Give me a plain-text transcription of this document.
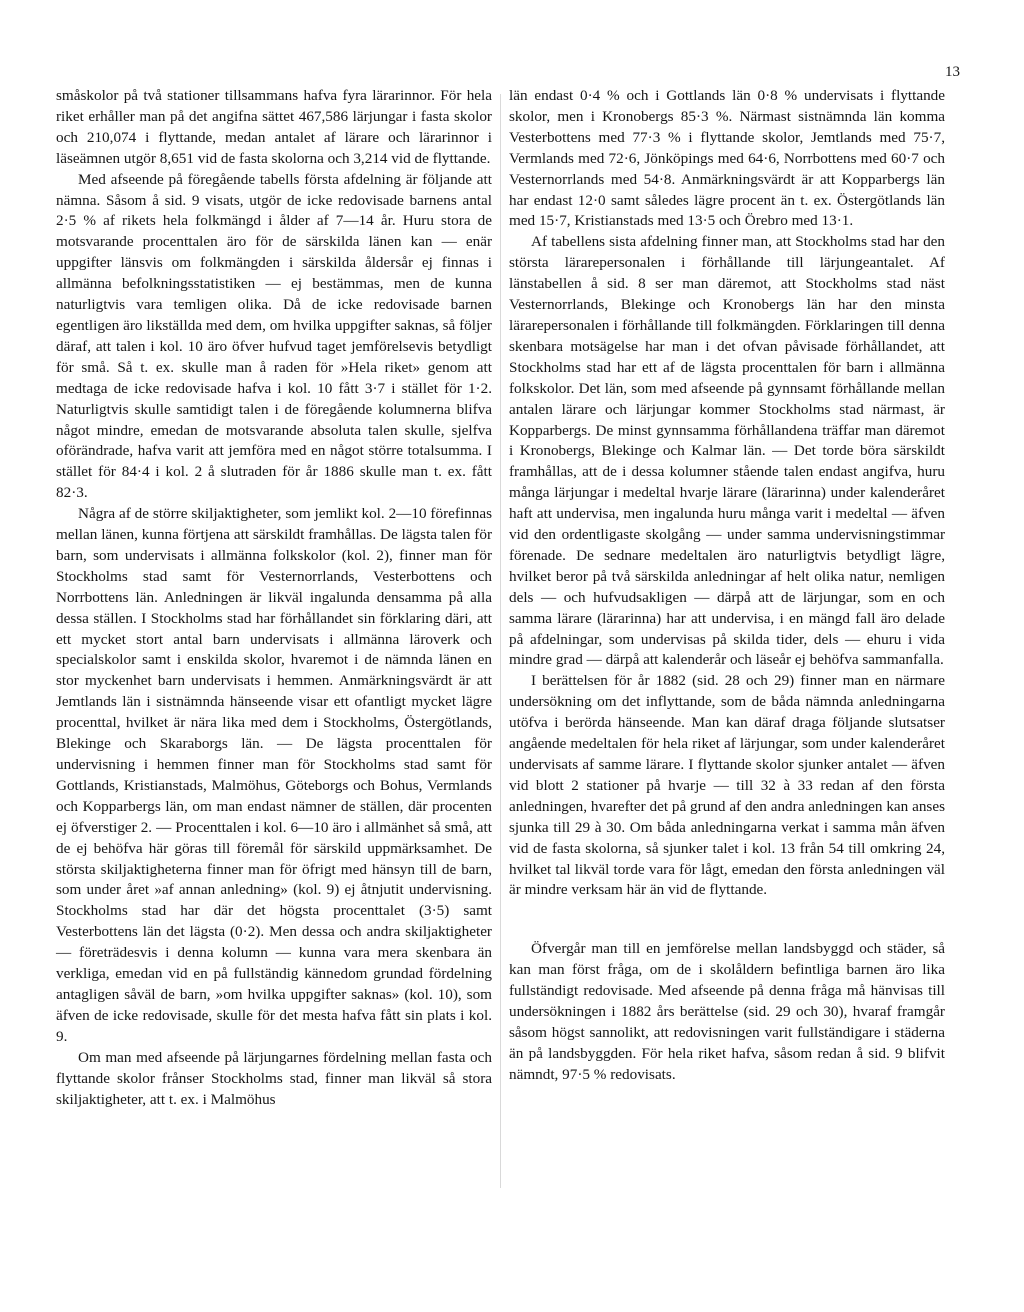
13

småskolor på två stationer tillsammans hafva fyra lärarinnor. För hela riket erhåller man på det angifna sättet 467,586 lärjungar i fasta skolor och 210,074 i flyttande, medan antalet af lärare och lärarinnor i läseämnen utgör 8,651 vid de fasta skolorna och 3,214 vid de flyttande.

Med afseende på föregående tabells första afdelning är följande att nämna. Såsom å sid. 9 visats, utgör de icke redovisade barnens antal 2·5 % af rikets hela folkmängd i ålder af 7—14 år. Huru stora de motsvarande procenttalen äro för de särskilda länen kan — enär uppgifter länsvis om folkmängden i särskilda åldersår ej finnas i allmänna befolkningsstatistiken — ej bestämmas, men de kunna naturligtvis vara temligen olika. Då de icke redovisade barnen egentligen äro likställda med dem, om hvilka uppgifter saknas, så följer däraf, att talen i kol. 10 äro öfver hufvud taget jemförelsevis betydligt för små. Så t. ex. skulle man å raden för »Hela riket» genom att medtaga de icke redovisade hafva i kol. 10 fått 3·7 i stället för 1·2. Naturligtvis skulle samtidigt talen i de föregående kolumnerna blifva något mindre, emedan de motsvarande absoluta talen skulle, sjelfva oförändrade, hafva varit att jemföra med en något större totalsumma. I stället för 84·4 i kol. 2 å slutraden för år 1886 skulle man t. ex. fått 82·3.

Några af de större skiljaktigheter, som jemlikt kol. 2—10 förefinnas mellan länen, kunna förtjena att särskildt framhållas. De lägsta talen för barn, som undervisats i allmänna folkskolor (kol. 2), finner man för Stockholms stad samt för Vesternorrlands, Vesterbottens och Norrbottens län. Anledningen är likväl ingalunda densamma på alla dessa ställen. I Stockholms stad har förhållandet sin förklaring däri, att ett mycket stort antal barn undervisats i allmänna läroverk och specialskolor samt i enskilda skolor, hvaremot i de nämnda länen en stor myckenhet barn undervisats i hemmen. Anmärkningsvärdt är att Jemtlands län i sistnämnda hänseende visar ett ofantligt mycket lägre procenttal, hvilket är nära lika med dem i Stockholms, Östergötlands, Blekinge och Skaraborgs län. — De lägsta procenttalen för undervisning i hemmen finner man för Stockholms stad samt för Gottlands, Kristianstads, Malmöhus, Göteborgs och Bohus, Vermlands och Kopparbergs län, om man endast nämner de ställen, där procenten ej öfverstiger 2. — Procenttalen i kol. 6—10 äro i allmänhet så små, att de ej behöfva här göras till föremål för särskild uppmärksamhet. De största skiljaktigheterna finner man för öfrigt med hänsyn till de barn, som under året »af annan anledning» (kol. 9) ej åtnjutit undervisning. Stockholms stad har där det högsta procenttalet (3·5) samt Vesterbottens län det lägsta (0·2). Men dessa och andra skiljaktigheter — företrädesvis i denna kolumn — kunna vara mera skenbara än verkliga, emedan vid en på fullständig kännedom grundad fördelning antagligen såväl de barn, »om hvilka uppgifter saknas» (kol. 10), som äfven de icke redovisade, skulle för det mesta hafva fått sin plats i kol. 9.

Om man med afseende på lärjungarnes fördelning mellan fasta och flyttande skolor frånser Stockholms stad, finner man likväl så stora skiljaktigheter, att t. ex. i Malmöhus

län endast 0·4 % och i Gottlands län 0·8 % undervisats i flyttande skolor, men i Kronobergs 85·3 %. Närmast sistnämnda län komma Vesterbottens med 77·3 % i flyttande skolor, Jemtlands med 75·7, Vermlands med 72·6, Jönköpings med 64·6, Norrbottens med 60·7 och Vesternorrlands med 54·8. Anmärkningsvärdt är att Kopparbergs län har endast 12·0 samt således lägre procent än t. ex. Östergötlands län med 15·7, Kristianstads med 13·5 och Örebro med 13·1.

Af tabellens sista afdelning finner man, att Stockholms stad har den största lärarepersonalen i förhållande till lärjungeantalet. Af länstabellen å sid. 8 ser man däremot, att Stockholms stad näst Vesternorrlands, Blekinge och Kronobergs län har den minsta lärarepersonalen i förhållande till folkmängden. Förklaringen till denna skenbara motsägelse har man i det ofvan påvisade förhållandet, att Stockholms stad har ett af de lägsta procenttalen för barn i allmänna folkskolor. Det län, som med afseende på gynnsamt förhållande mellan antalen lärare och lärjungar kommer Stockholms stad närmast, är Kopparbergs. De minst gynnsamma förhållandena träffar man däremot i Kronobergs, Blekinge och Kalmar län. — Det torde böra särskildt framhållas, att de i dessa kolumner stående talen endast angifva, huru många lärjungar i medeltal hvarje lärare (lärarinna) under kalenderåret haft att undervisa, men ingalunda huru många varit i medeltal — äfven vid den ordentligaste skolgång — under samma undervisningstimmar förenade. De sednare medeltalen äro naturligtvis betydligt lägre, hvilket beror på två särskilda anledningar af helt olika natur, nemligen dels — och hufvudsakligen — därpå att de lärjungar, som en och samma lärare (lärarinna) har att undervisa, i en mängd fall äro delade på afdelningar, som undervisas på skilda tider, dels — ehuru i vida mindre grad — därpå att kalenderår och läseår ej behöfva sammanfalla.

I berättelsen för år 1882 (sid. 28 och 29) finner man en närmare undersökning om det inflyttande, som de båda nämnda anledningarna utöfva i berörda hänseende. Man kan däraf draga följande slutsatser angående medeltalen för hela riket af lärjungar, som under kalenderåret undervisats af samme lärare. I flyttande skolor sjunker antalet — äfven vid blott 2 stationer på hvarje — till 32 à 33 redan af den första anledningen, hvarefter det på grund af den andra anledningen kan anses sjunka till 29 à 30. Om båda anledningarna verkat i samma mån äfven vid de fasta skolorna, så sjunker talet i kol. 13 från 54 till omkring 24, hvilket tal likväl torde vara för lågt, emedan den första anledningen väl är mindre verksam här än vid de flyttande.

Öfvergår man till en jemförelse mellan landsbyggd och städer, så kan man först fråga, om de i skolåldern befintliga barnen äro lika fullständigt redovisade. Med afseende på denna fråga må hänvisas till undersökningen i 1882 års berättelse (sid. 29 och 30), hvaraf framgår såsom högst sannolikt, att redovisningen varit fullständigare i städerna än på landsbyggden. För hela riket hafva, såsom redan å sid. 9 blifvit nämndt, 97·5 % redovisats.
